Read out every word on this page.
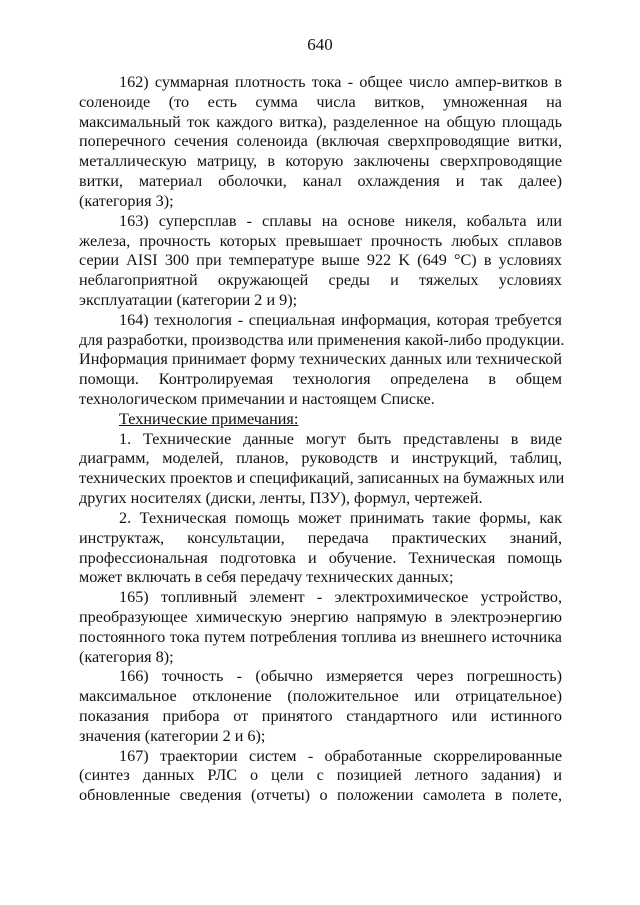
640
162) суммарная плотность тока - общее число ампер-витков в
соленоиде (то есть сумма числа витков, умноженная на
максимальный ток каждого витка), разделенное на общую площадь
поперечного сечения соленоида (включая сверхпроводящие витки,
металлическую матрицу, в которую заключены сверхпроводящие
витки, материал оболочки, канал охлаждения и так далее)
(категория 3);
163) суперсплав - сплавы на основе никеля, кобальта или
железа, прочность которых превышает прочность любых сплавов
серии AISI 300 при температуре выше 922 K (649 °C) в условиях
неблагоприятной окружающей среды и тяжелых условиях
эксплуатации (категории 2 и 9);
164) технология - специальная информация, которая требуется
для разработки, производства или применения какой-либо продукции.
Информация принимает форму технических данных или технической
помощи. Контролируемая технология определена в общем
технологическом примечании и настоящем Списке.
Технические примечания:
1. Технические данные могут быть представлены в виде
диаграмм, моделей, планов, руководств и инструкций, таблиц,
технических проектов и спецификаций, записанных на бумажных или
других носителях (диски, ленты, ПЗУ), формул, чертежей.
2. Техническая помощь может принимать такие формы, как
инструктаж, консультации, передача практических знаний,
профессиональная подготовка и обучение. Техническая помощь
может включать в себя передачу технических данных;
165) топливный элемент - электрохимическое устройство,
преобразующее химическую энергию напрямую в электроэнергию
постоянного тока путем потребления топлива из внешнего источника
(категория 8);
166) точность - (обычно измеряется через погрешность)
максимальное отклонение (положительное или отрицательное)
показания прибора от принятого стандартного или истинного
значения (категории 2 и 6);
167) траектории систем - обработанные скоррелированные
(синтез данных РЛС о цели с позицией летного задания) и
обновленные сведения (отчеты) о положении самолета в полете,
